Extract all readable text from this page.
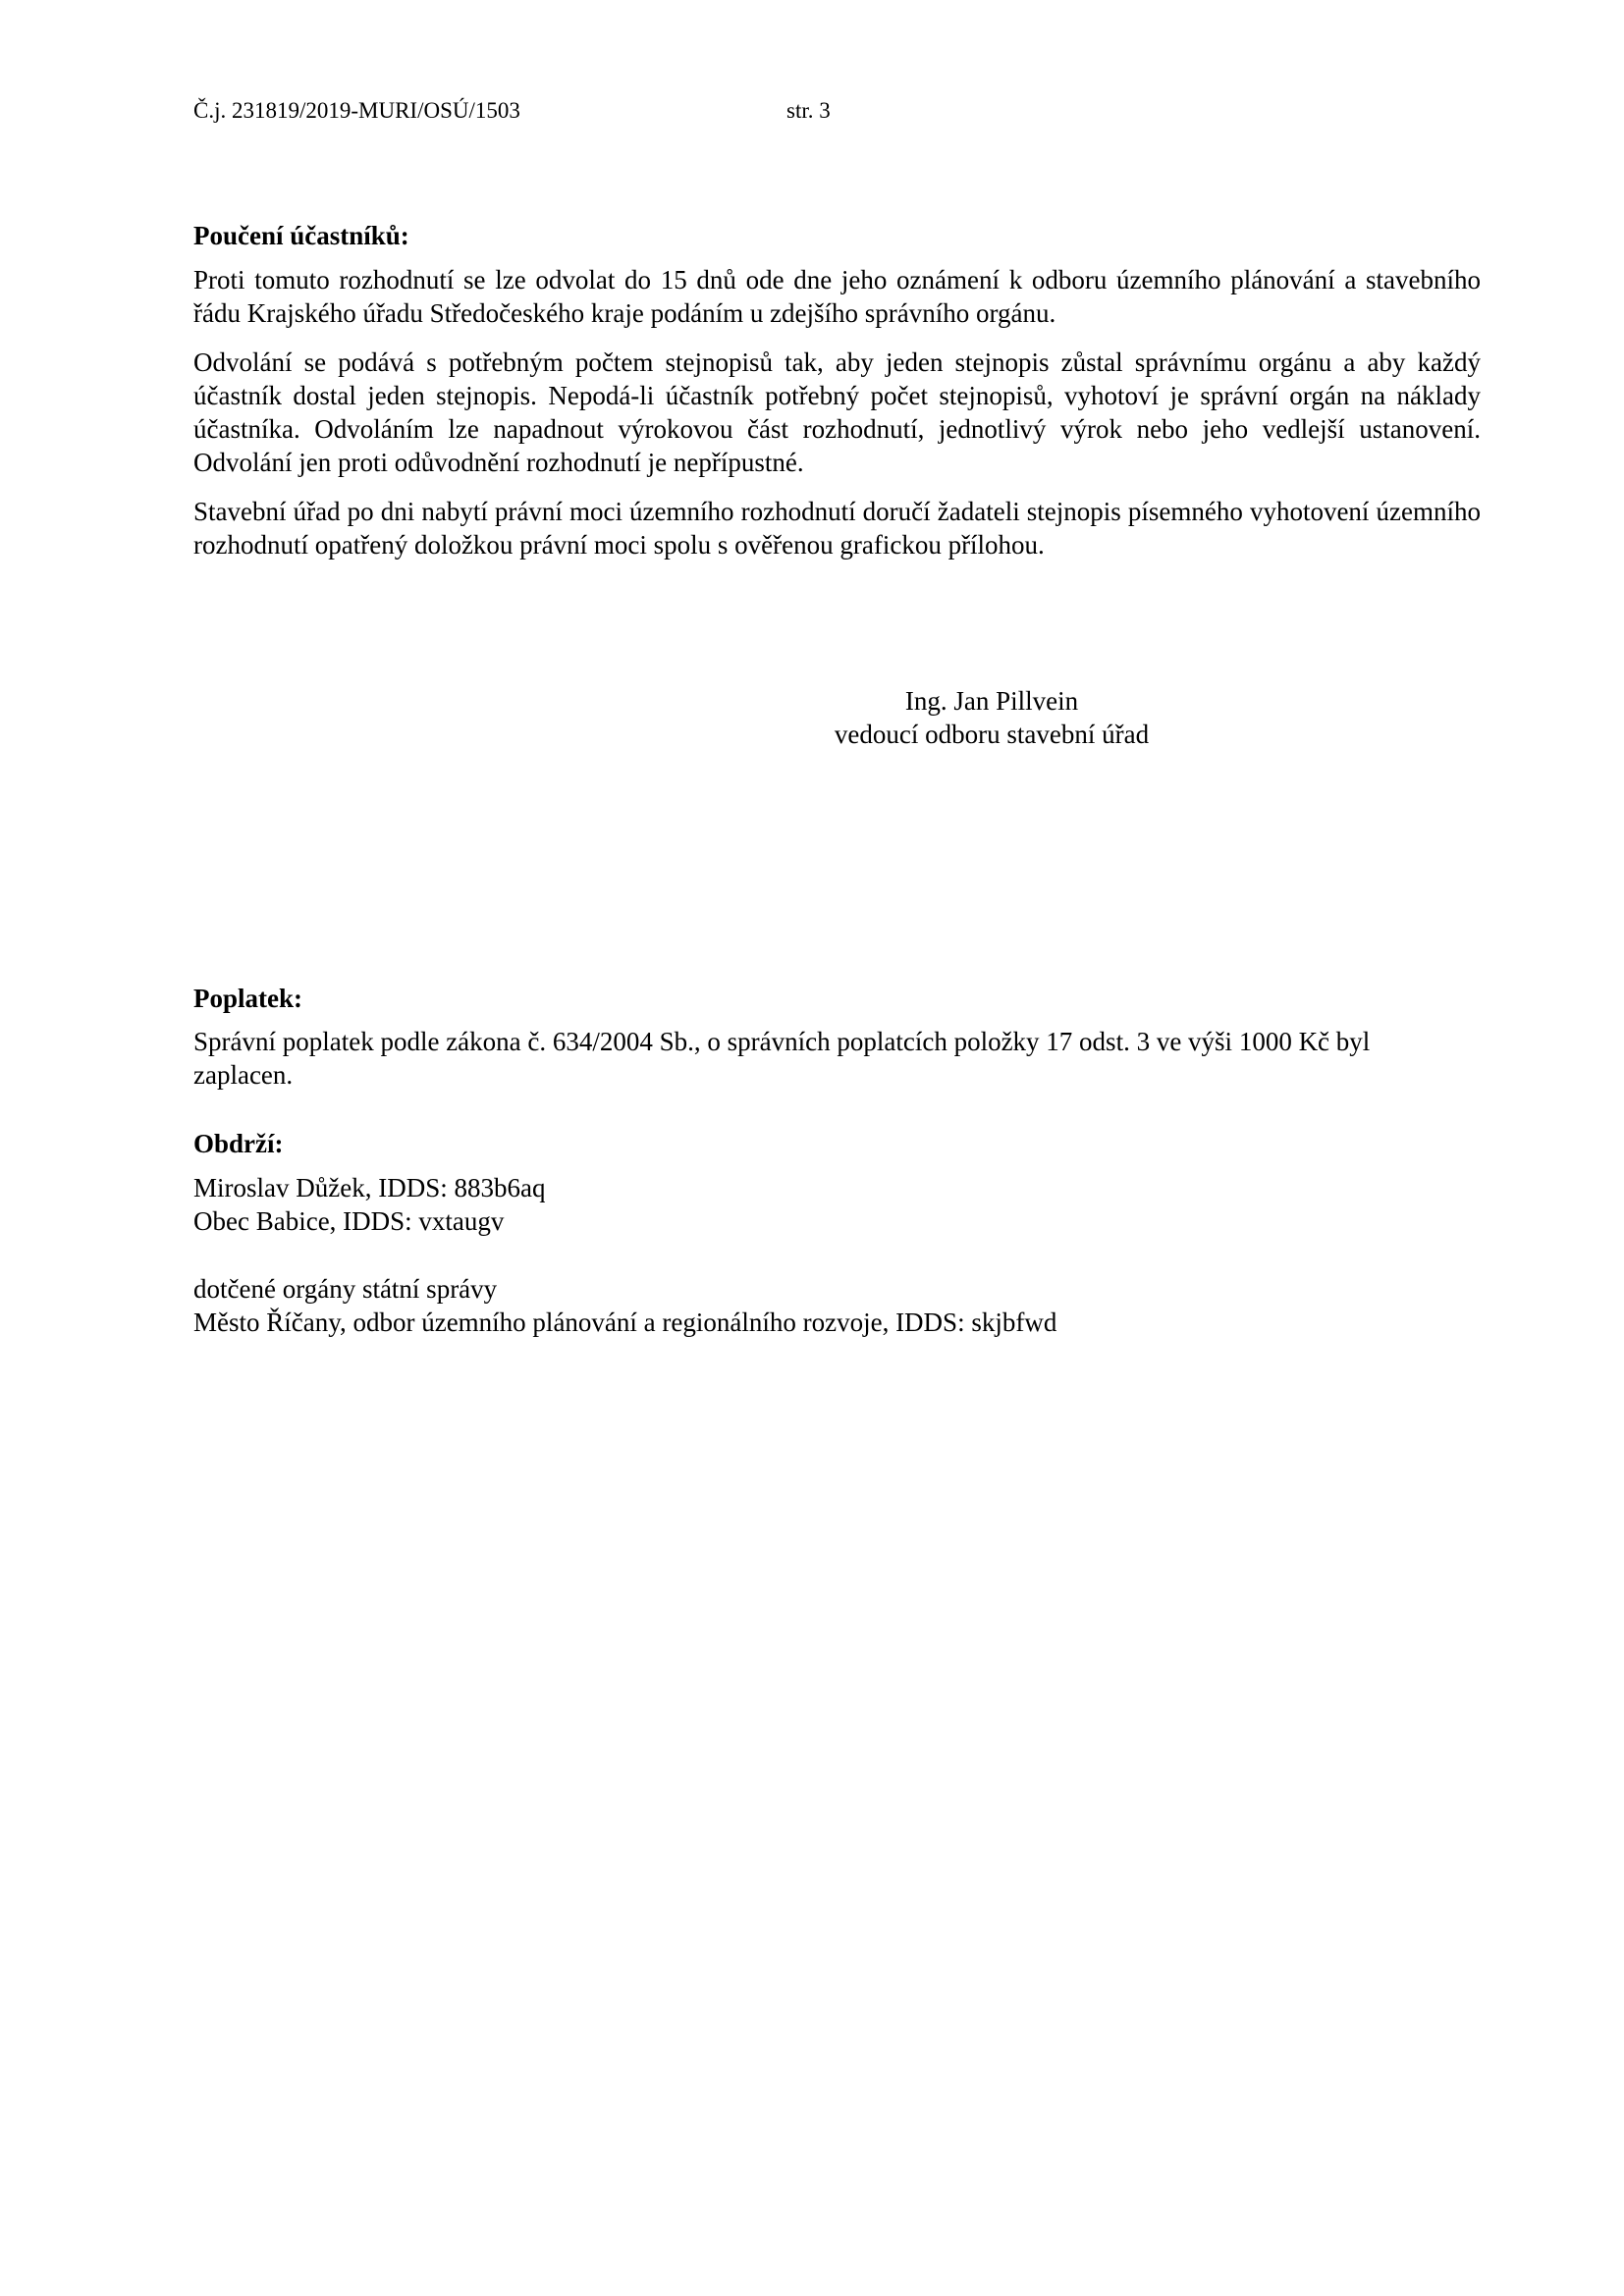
Č.j. 231819/2019-MURI/OSÚ/1503	str. 3
Poučení účastníků:

Proti tomuto rozhodnutí se lze odvolat do 15 dnů ode dne jeho oznámení k odboru územního plánování a stavebního řádu Krajského úřadu Středočeského kraje podáním u zdejšího správního orgánu.

Odvolání se podává s potřebným počtem stejnopisů tak, aby jeden stejnopis zůstal správnímu orgánu a aby každý účastník dostal jeden stejnopis. Nepodá-li účastník potřebný počet stejnopisů, vyhotoví je správní orgán na náklady účastníka. Odvoláním lze napadnout výrokovou část rozhodnutí, jednotlivý výrok nebo jeho vedlejší ustanovení. Odvolání jen proti odůvodnění rozhodnutí je nepřípustné.

Stavební úřad po dni nabytí právní moci územního rozhodnutí doručí žadateli stejnopis písemného vyhotovení územního rozhodnutí opatřený doložkou právní moci spolu s ověřenou grafickou přílohou.

Ing. Jan Pillvein
vedoucí odboru stavební úřad
Poplatek:

Správní poplatek podle zákona č. 634/2004 Sb., o správních poplatcích položky 17 odst. 3 ve výši 1000 Kč byl zaplacen.

Obdrží:
Miroslav Důžek, IDDS: 883b6aq
Obec Babice, IDDS: vxtaugv
dotčené orgány státní správy
Město Říčany, odbor územního plánování a regionálního rozvoje, IDDS: skjbfwd
